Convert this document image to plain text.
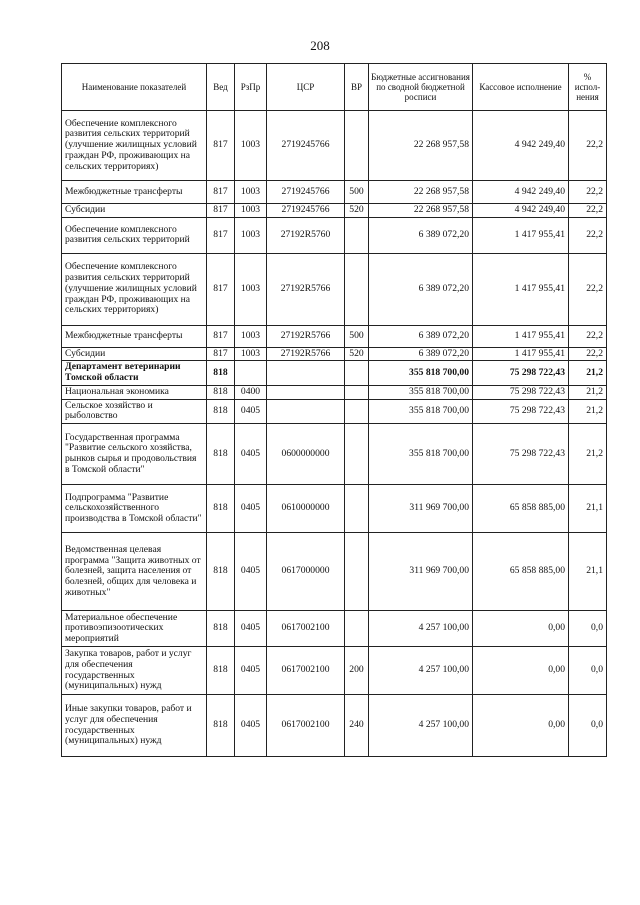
208
Наименование показателей	Вед	РзПр	ЦСР	ВР	Бюджетные ассигнования по сводной бюджетной росписи	Кассовое исполнение	% испол-нения
Обеспечение комплексного развития сельских территорий (улучшение жилищных условий граждан РФ, проживающих на сельских территориях)	817	1003	2719245766		22 268 957,58	4 942 249,40	22,2
Межбюджетные трансферты	817	1003	2719245766	500	22 268 957,58	4 942 249,40	22,2
Субсидии	817	1003	2719245766	520	22 268 957,58	4 942 249,40	22,2
Обеспечение комплексного развития сельских территорий	817	1003	27192R5760		6 389 072,20	1 417 955,41	22,2
Обеспечение комплексного развития сельских территорий (улучшение жилищных условий граждан РФ, проживающих на сельских территориях)	817	1003	27192R5766		6 389 072,20	1 417 955,41	22,2
Межбюджетные трансферты	817	1003	27192R5766	500	6 389 072,20	1 417 955,41	22,2
Субсидии	817	1003	27192R5766	520	6 389 072,20	1 417 955,41	22,2
Департамент ветеринарии Томской области	818				355 818 700,00	75 298 722,43	21,2
Национальная экономика	818	0400			355 818 700,00	75 298 722,43	21,2
Сельское хозяйство и рыболовство	818	0405			355 818 700,00	75 298 722,43	21,2
Государственная программа "Развитие сельского хозяйства, рынков сырья и продовольствия в Томской области"	818	0405	0600000000		355 818 700,00	75 298 722,43	21,2
Подпрограмма "Развитие сельскохозяйственного производства в Томской области"	818	0405	0610000000		311 969 700,00	65 858 885,00	21,1
Ведомственная целевая программа "Защита животных от болезней, защита населения от болезней, общих для человека и животных"	818	0405	0617000000		311 969 700,00	65 858 885,00	21,1
Материальное обеспечение противоэпизоотических мероприятий	818	0405	0617002100		4 257 100,00	0,00	0,0
Закупка товаров, работ и услуг для обеспечения государственных (муниципальных) нужд	818	0405	0617002100	200	4 257 100,00	0,00	0,0
Иные закупки товаров, работ и услуг для обеспечения государственных (муниципальных) нужд	818	0405	0617002100	240	4 257 100,00	0,00	0,0
